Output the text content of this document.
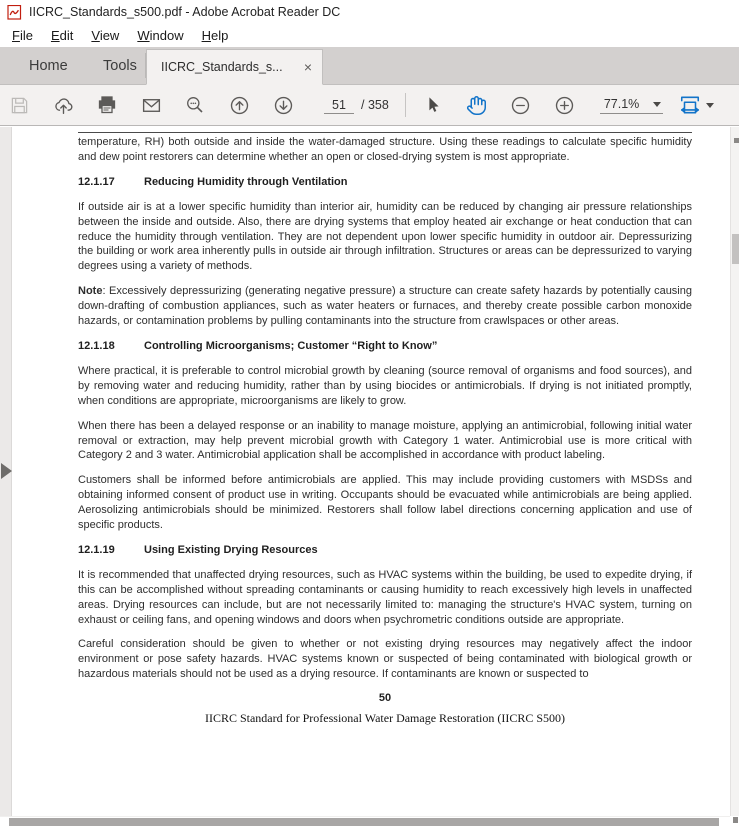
IICRC_Standards_s500.pdf - Adobe Acrobat Reader DC
File	Edit	View	Window	Help
Home Tools IICRC_Standards_s... ×
51
/ 358	77.1%

temperature, RH) both outside and inside the water-damaged structure. Using these readings to calculate specific humidity and dew point restorers can determine whether an open or closed-drying system is most appropriate.

12.1.17	Reducing Humidity through Ventilation

If outside air is at a lower specific humidity than interior air, humidity can be reduced by changing air pressure relationships between the inside and outside. Also, there are drying systems that employ heated air exchange or heat conduction that can reduce the humidity through ventilation. They are not dependent upon lower specific humidity in outdoor air. Depressurizing the building or work area inherently pulls in outside air through infiltration. Structures or areas can be depressurized to varying degrees using a variety of methods.

Note: Excessively depressurizing (generating negative pressure) a structure can create safety hazards by potentially causing down-drafting of combustion appliances, such as water heaters or furnaces, and thereby create possible carbon monoxide hazards, or contamination problems by pulling contaminants into the structure from crawlspaces or other areas.

12.1.18	Controlling Microorganisms; Customer “Right to Know”

Where practical, it is preferable to control microbial growth by cleaning (source removal of organisms and food sources), and by removing water and reducing humidity, rather than by using biocides or antimicrobials. If drying is not initiated promptly, when conditions are appropriate, microorganisms are likely to grow.

When there has been a delayed response or an inability to manage moisture, applying an antimicrobial, following initial water removal or extraction, may help prevent microbial growth with Category 1 water. Antimicrobial use is more critical with Category 2 and 3 water. Antimicrobial application shall be accomplished in accordance with product labeling.

Customers shall be informed before antimicrobials are applied. This may include providing customers with MSDSs and obtaining informed consent of product use in writing. Occupants should be evacuated while antimicrobials are being applied. Aerosolizing antimicrobials should be minimized. Restorers shall follow label directions concerning application and use of specific products.

12.1.19	Using Existing Drying Resources

It is recommended that unaffected drying resources, such as HVAC systems within the building, be used to expedite drying, if this can be accomplished without spreading contaminants or causing humidity to reach excessively high levels in unaffected areas. Drying resources can include, but are not necessarily limited to: managing the structure's HVAC system, turning on exhaust or ceiling fans, and opening windows and doors when psychrometric conditions outside are appropriate.

Careful consideration should be given to whether or not existing drying resources may negatively affect the indoor environment or pose safety hazards. HVAC systems known or suspected of being contaminated with biological growth or hazardous materials should not be used as a drying resource. If contaminants are known or suspected to

50
IICRC Standard for Professional Water Damage Restoration (IICRC S500)
